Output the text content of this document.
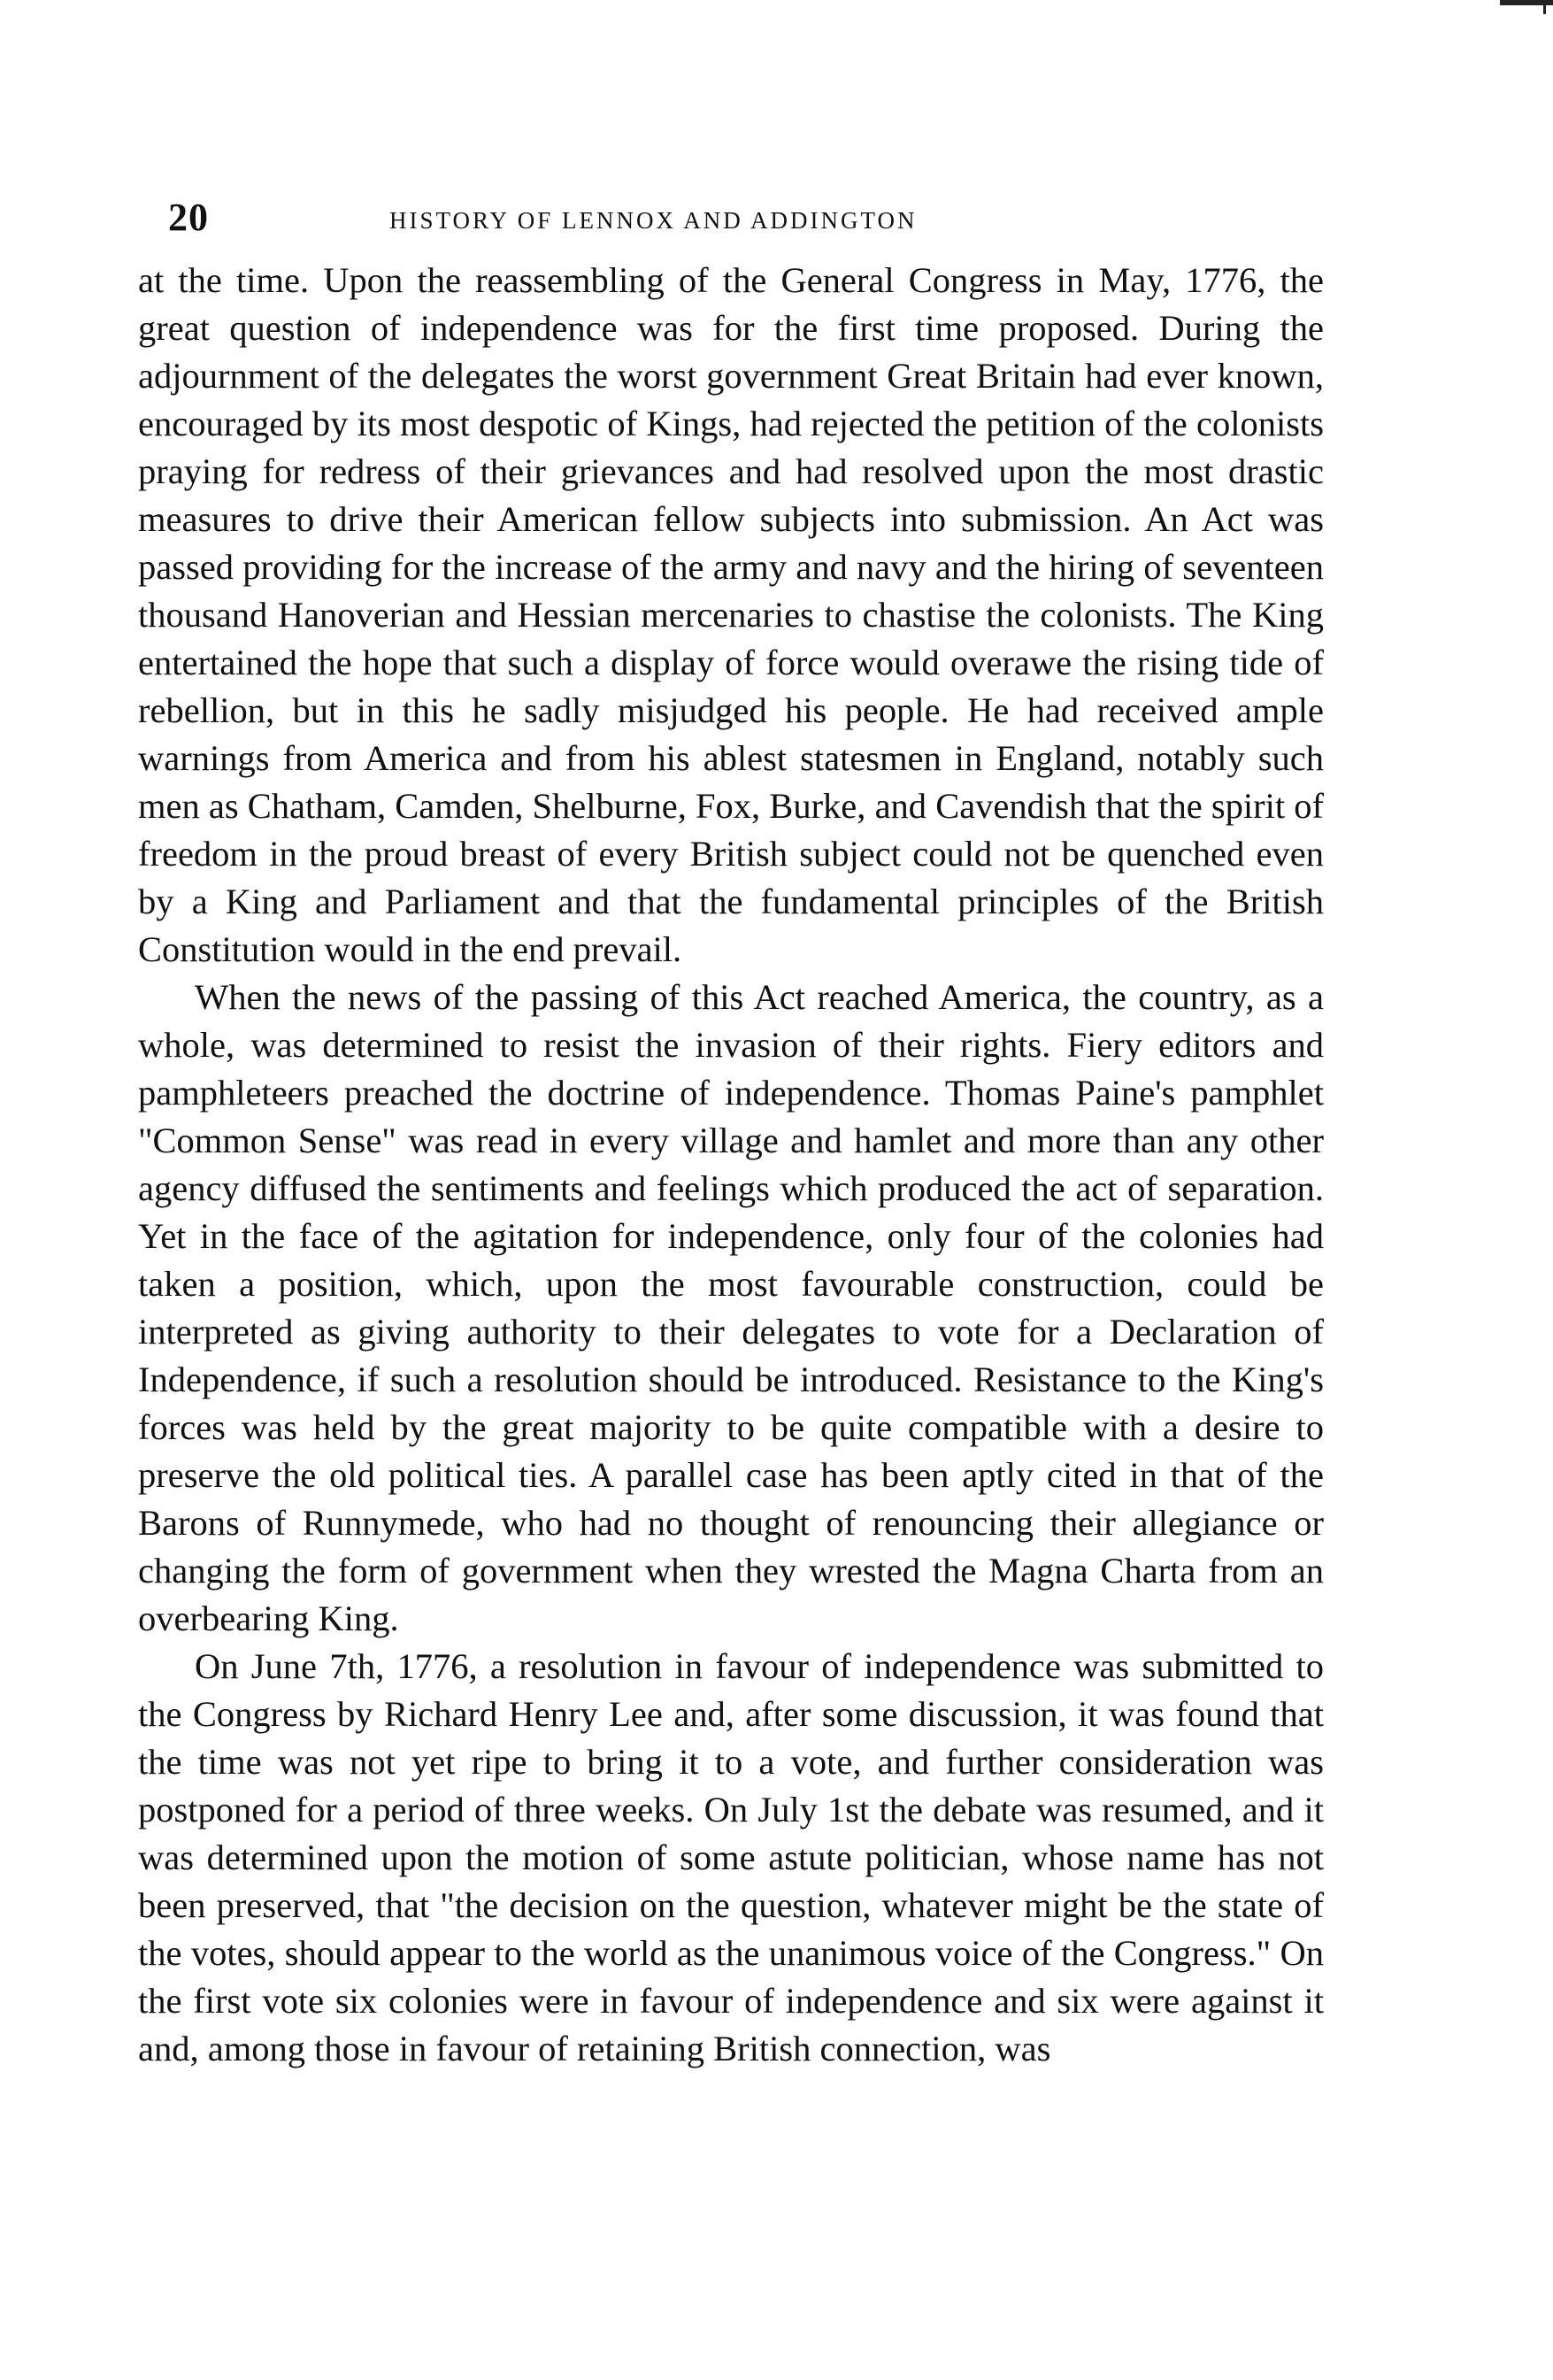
20	HISTORY OF LENNOX AND ADDINGTON

at the time. Upon the reassembling of the General Congress in May, 1776, the great question of independence was for the first time proposed. During the adjournment of the delegates the worst government Great Britain had ever known, encouraged by its most despotic of Kings, had rejected the petition of the colonists praying for redress of their grievances and had resolved upon the most drastic measures to drive their American fellow subjects into submission. An Act was passed providing for the increase of the army and navy and the hiring of seventeen thousand Hanoverian and Hessian mercenaries to chastise the colonists. The King entertained the hope that such a display of force would overawe the rising tide of rebellion, but in this he sadly misjudged his people. He had received ample warnings from America and from his ablest statesmen in England, notably such men as Chatham, Camden, Shelburne, Fox, Burke, and Cavendish that the spirit of freedom in the proud breast of every British subject could not be quenched even by a King and Parliament and that the fundamental principles of the British Constitution would in the end prevail.

When the news of the passing of this Act reached America, the country, as a whole, was determined to resist the invasion of their rights. Fiery editors and pamphleteers preached the doctrine of independence. Thomas Paine's pamphlet "Common Sense" was read in every village and hamlet and more than any other agency diffused the sentiments and feelings which produced the act of separation. Yet in the face of the agitation for independence, only four of the colonies had taken a position, which, upon the most favourable construction, could be interpreted as giving authority to their delegates to vote for a Declaration of Independence, if such a resolution should be introduced. Resistance to the King's forces was held by the great majority to be quite compatible with a desire to preserve the old political ties. A parallel case has been aptly cited in that of the Barons of Runnymede, who had no thought of renouncing their allegiance or changing the form of government when they wrested the Magna Charta from an overbearing King.

On June 7th, 1776, a resolution in favour of independence was submitted to the Congress by Richard Henry Lee and, after some discussion, it was found that the time was not yet ripe to bring it to a vote, and further consideration was postponed for a period of three weeks. On July 1st the debate was resumed, and it was determined upon the motion of some astute politician, whose name has not been preserved, that "the decision on the question, whatever might be the state of the votes, should appear to the world as the unanimous voice of the Congress." On the first vote six colonies were in favour of independence and six were against it and, among those in favour of retaining British connection, was
